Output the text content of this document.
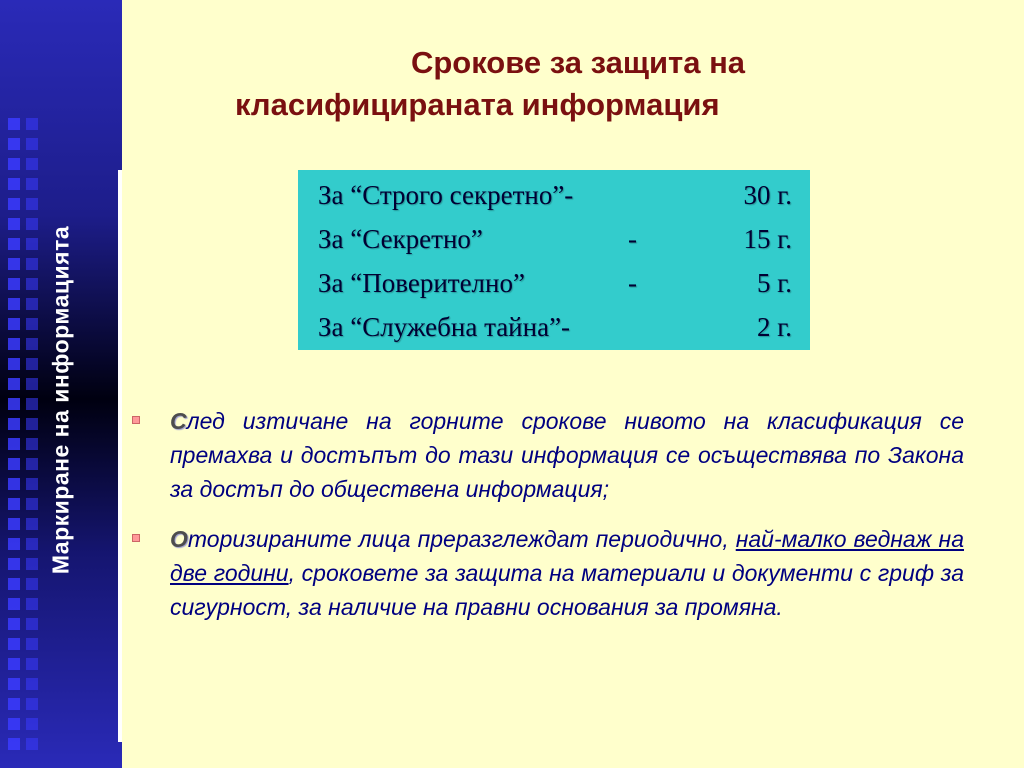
Маркиране на информацията
Срокове за защита на
класифицираната информация
За “Строго секретно”-	30 г.
За “Секретно”	-	15 г.
За “Поверително”	-	5 г.
За “Служебна тайна”-	2 г.
След изтичане на горните срокове нивото на класификация се премахва и достъпът до тази информация се осъществява по Закона за достъп до обществена информация;
Оторизираните лица преразглеждат периодично, най-малко веднаж на две години, сроковете за защита на материали и документи с гриф за сигурност, за наличие на правни основания за промяна.
